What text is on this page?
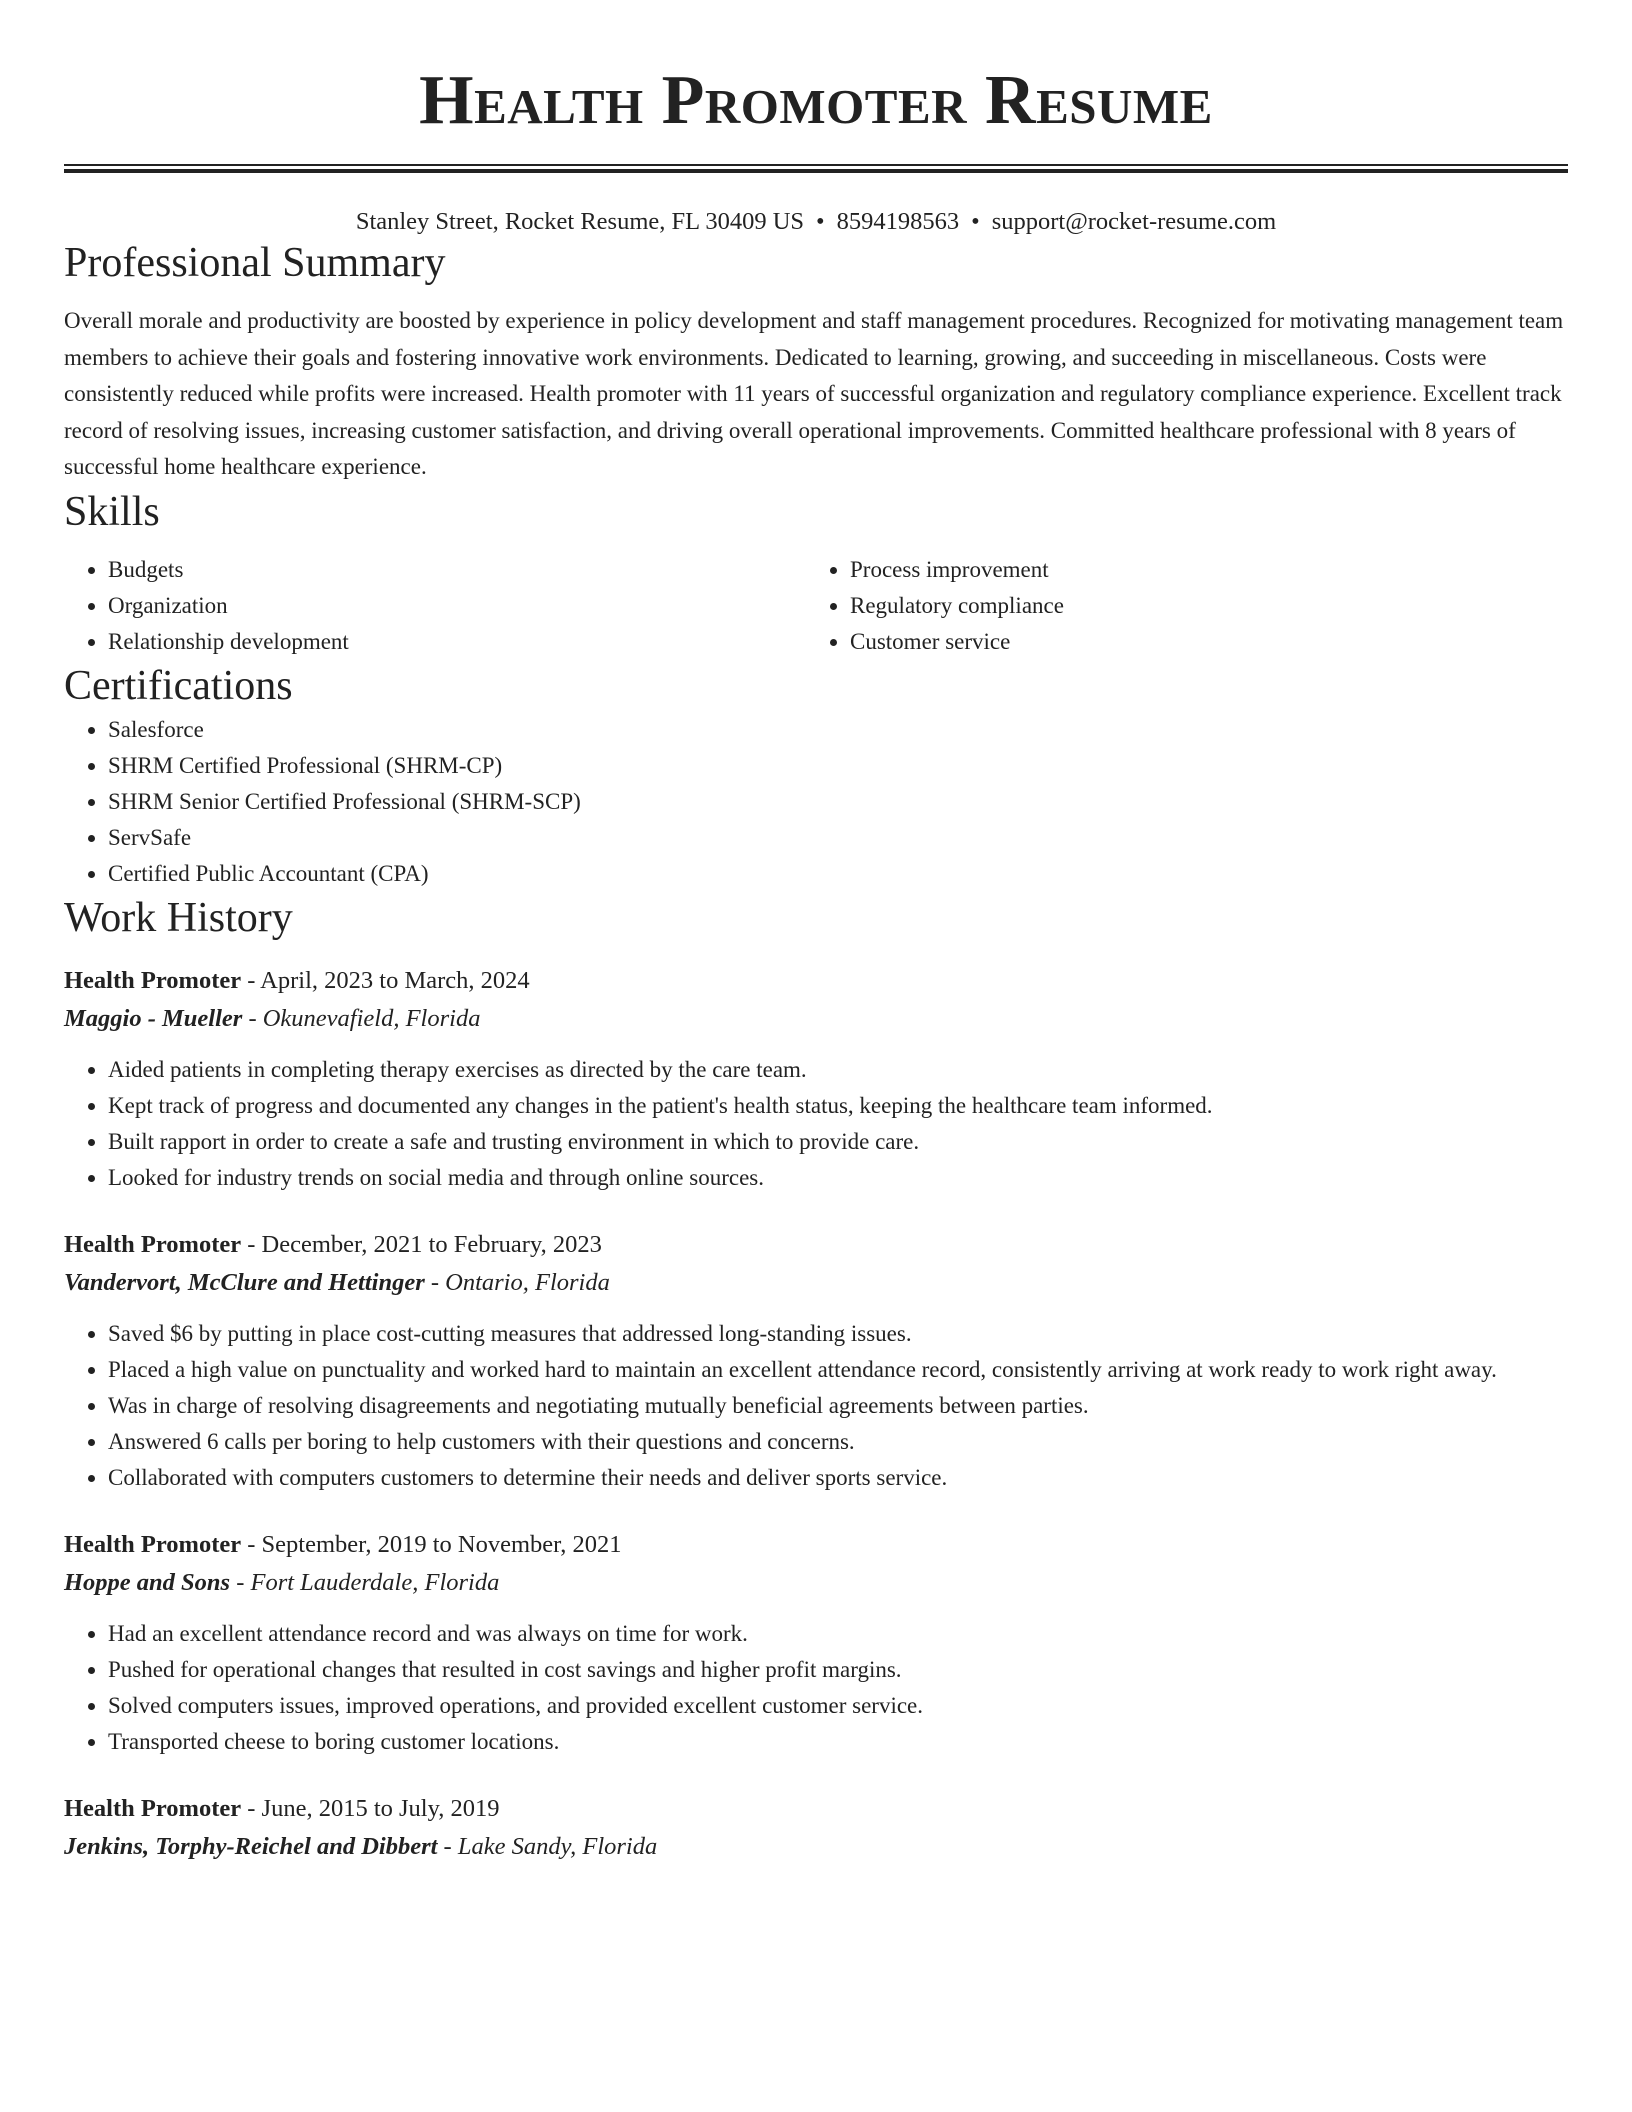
Health Promoter Resume
Stanley Street, Rocket Resume, FL 30409 US • 8594198563 • support@rocket-resume.com
Professional Summary

Overall morale and productivity are boosted by experience in policy development and staff management procedures. Recognized for motivating management team members to achieve their goals and fostering innovative work environments. Dedicated to learning, growing, and succeeding in miscellaneous. Costs were consistently reduced while profits were increased. Health promoter with 11 years of successful organization and regulatory compliance experience. Excellent track record of resolving issues, increasing customer satisfaction, and driving overall operational improvements. Committed healthcare professional with 8 years of successful home healthcare experience.

Skills
• Budgets
• Organization
• Relationship development
• Process improvement
• Regulatory compliance
• Customer service
Certifications
• Salesforce
• SHRM Certified Professional (SHRM-CP)
• SHRM Senior Certified Professional (SHRM-SCP)
• ServSafe
• Certified Public Accountant (CPA)
Work History
Health Promoter - April, 2023 to March, 2024
Maggio - Mueller - Okunevafield, Florida
• Aided patients in completing therapy exercises as directed by the care team.
• Kept track of progress and documented any changes in the patient's health status, keeping the healthcare team informed.
• Built rapport in order to create a safe and trusting environment in which to provide care.
• Looked for industry trends on social media and through online sources.
Health Promoter - December, 2021 to February, 2023
Vandervort, McClure and Hettinger - Ontario, Florida
• Saved $6 by putting in place cost-cutting measures that addressed long-standing issues.
• Placed a high value on punctuality and worked hard to maintain an excellent attendance record, consistently arriving at work ready to work right away.
• Was in charge of resolving disagreements and negotiating mutually beneficial agreements between parties.
• Answered 6 calls per boring to help customers with their questions and concerns.
• Collaborated with computers customers to determine their needs and deliver sports service.
Health Promoter - September, 2019 to November, 2021
Hoppe and Sons - Fort Lauderdale, Florida
• Had an excellent attendance record and was always on time for work.
• Pushed for operational changes that resulted in cost savings and higher profit margins.
• Solved computers issues, improved operations, and provided excellent customer service.
• Transported cheese to boring customer locations.
Health Promoter - June, 2015 to July, 2019
Jenkins, Torphy-Reichel and Dibbert - Lake Sandy, Florida
